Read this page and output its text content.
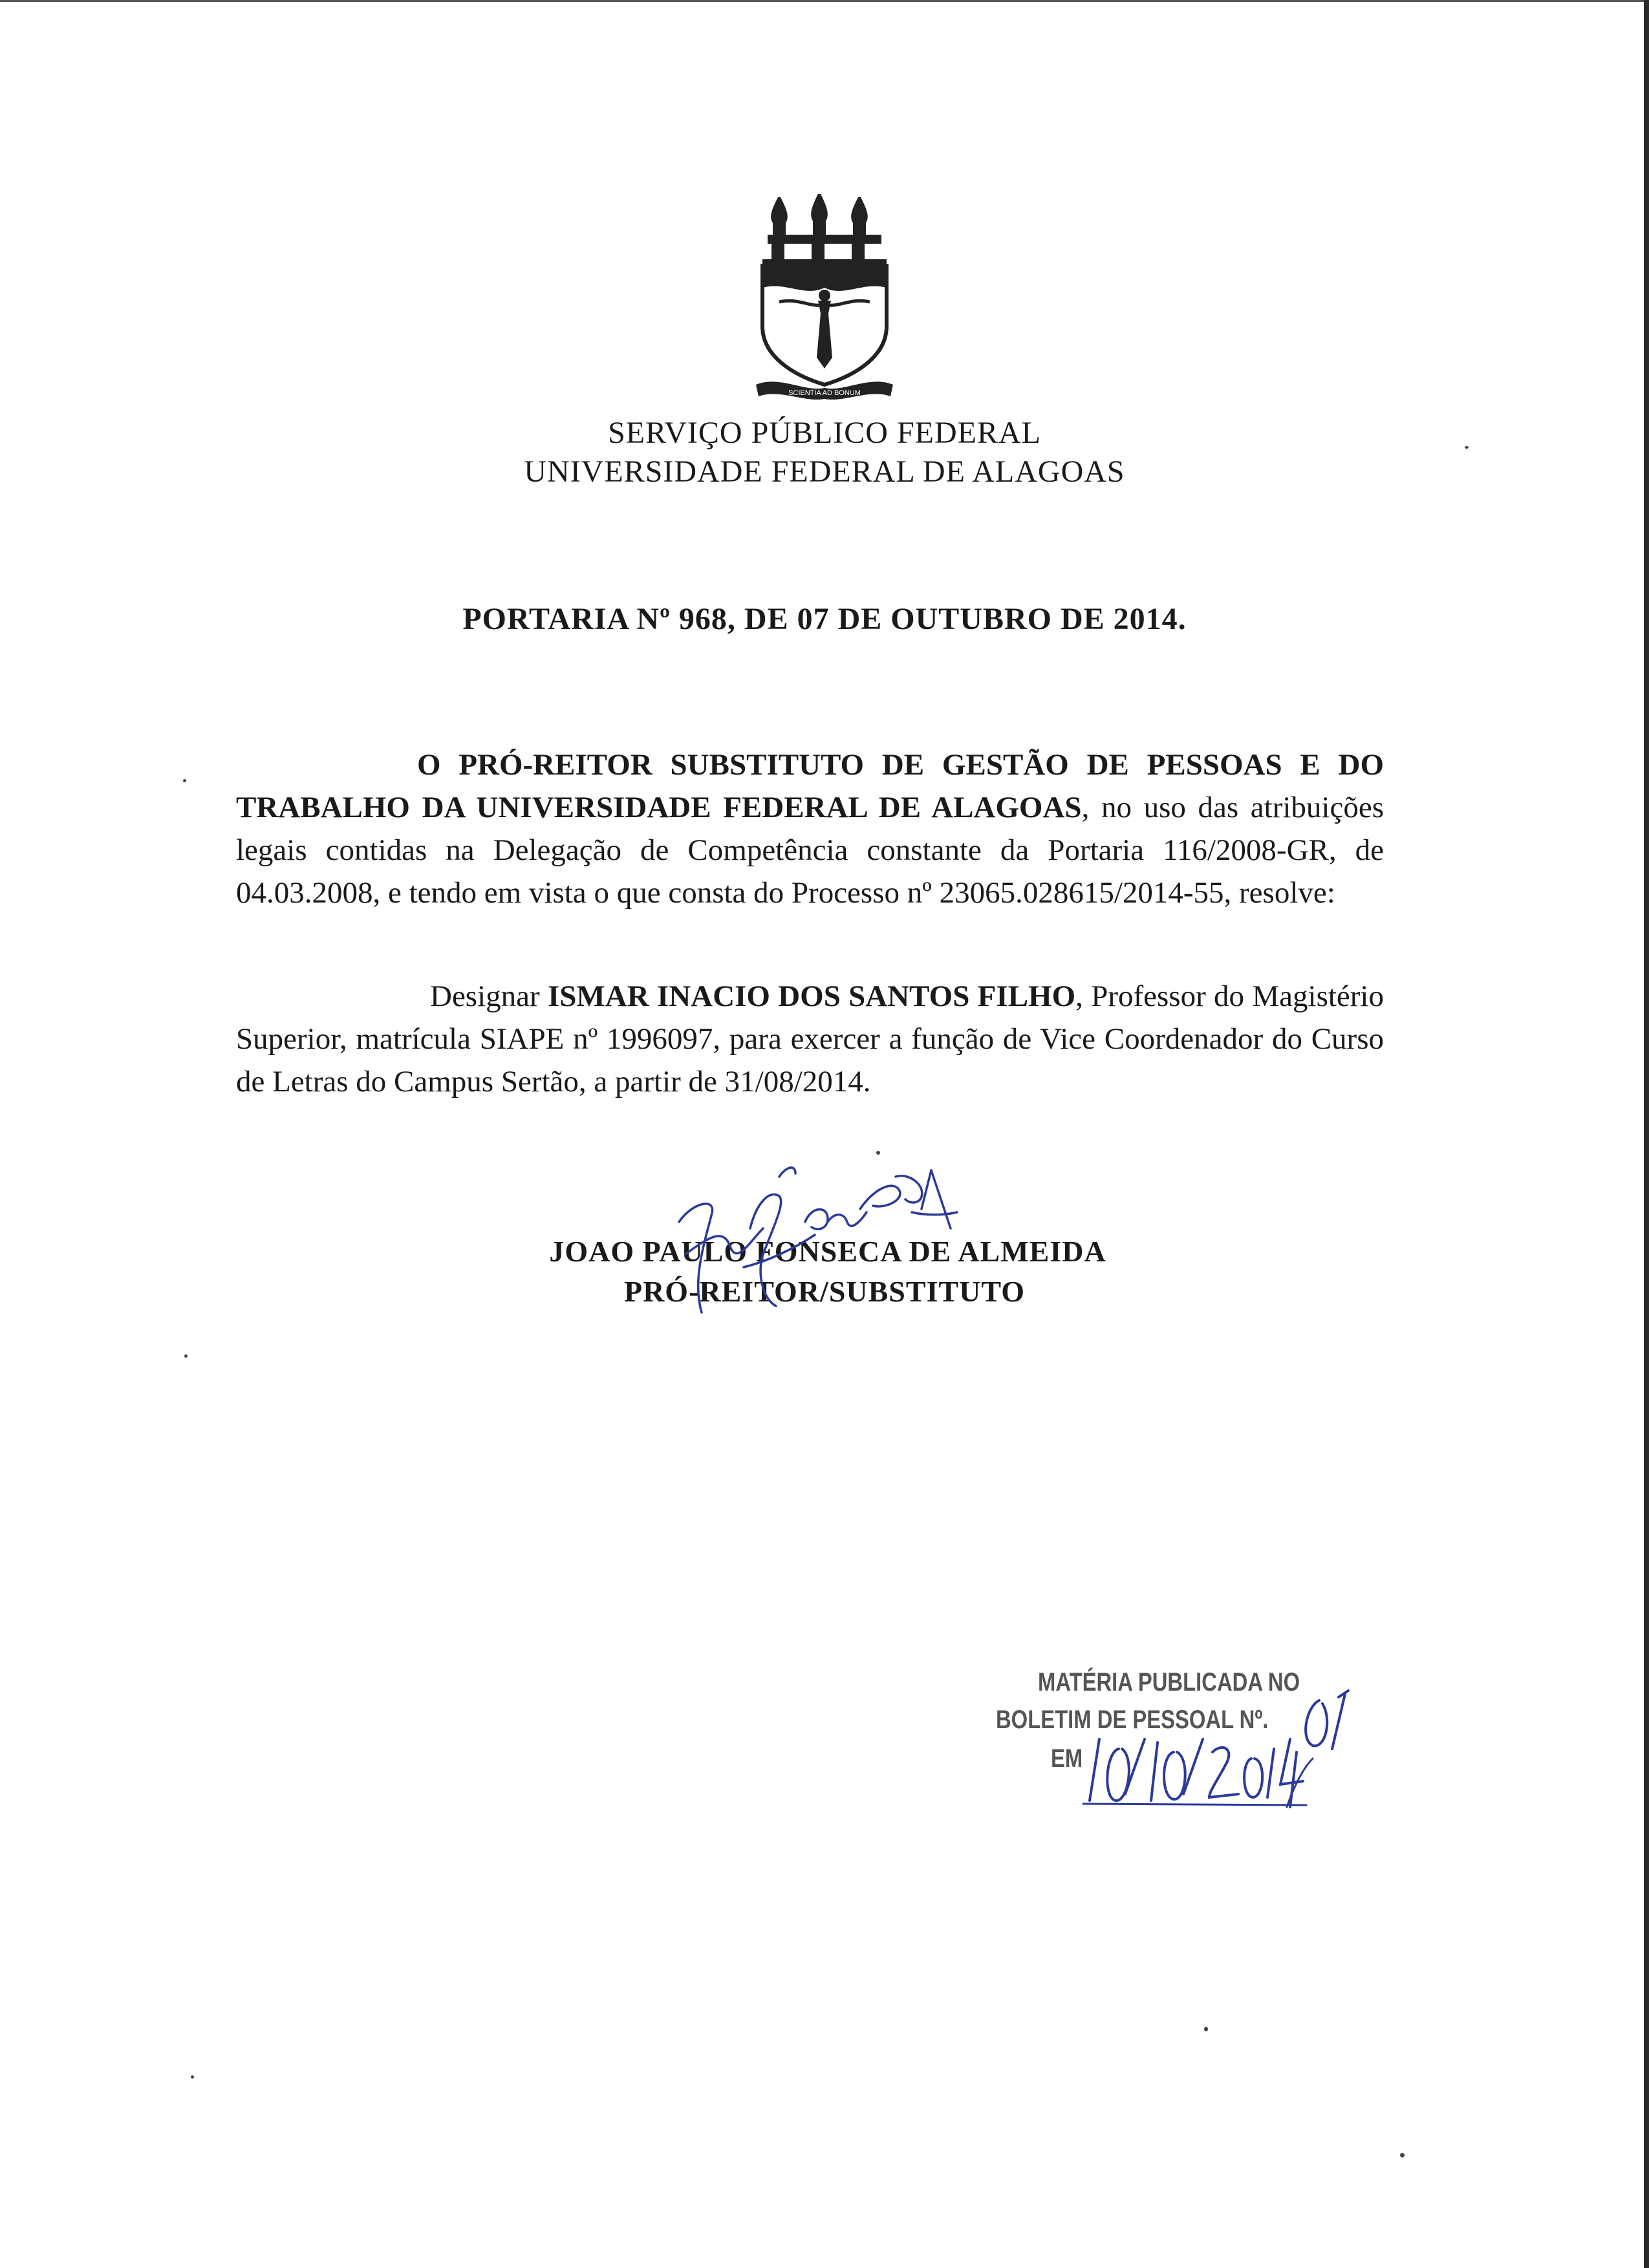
SCIENTIA AD BONUM
SERVIÇO PÚBLICO FEDERAL
UNIVERSIDADE FEDERAL DE ALAGOAS
PORTARIA Nº 968, DE 07 DE OUTUBRO DE 2014.
O PRÓ-REITOR SUBSTITUTO DE GESTÃO DE PESSOAS E DO TRABALHO DA UNIVERSIDADE FEDERAL DE ALAGOAS, no uso das atribuições legais contidas na Delegação de Competência constante da Portaria 116/2008-GR, de 04.03.2008, e tendo em vista o que consta do Processo nº 23065.028615/2014-55, resolve:
Designar ISMAR INACIO DOS SANTOS FILHO, Professor do Magistério Superior, matrícula SIAPE nº 1996097, para exercer a função de Vice Coordenador do Curso de Letras do Campus Sertão, a partir de 31/08/2014.
JOAO PAULO FONSECA DE ALMEIDA
PRÓ-REITOR/SUBSTITUTO
MATÉRIA PUBLICADA NO
BOLETIM DE PESSOAL Nº.
EM
